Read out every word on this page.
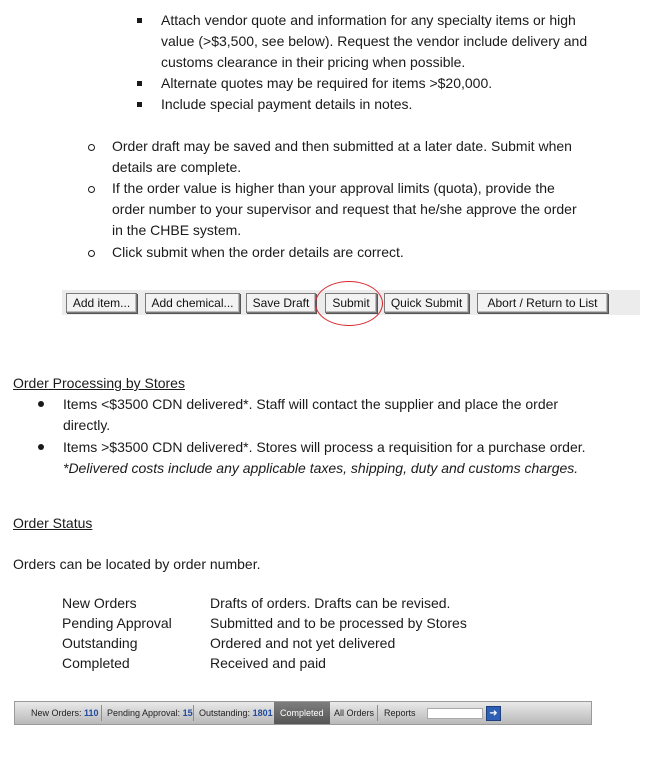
Attach vendor quote and information for any specialty items or high
value (>$3,500, see below). Request the vendor include delivery and
customs clearance in their pricing when possible.
Alternate quotes may be required for items >$20,000.
Include special payment details in notes.
Order draft may be saved and then submitted at a later date. Submit when
details are complete.
If the order value is higher than your approval limits (quota), provide the
order number to your supervisor and request that he/she approve the order
in the CHBE system.
Click submit when the order details are correct.
Add item...	Add chemical...	Save Draft	Submit	Quick Submit	Abort / Return to List
Order Processing by Stores
Items <$3500 CDN delivered*. Staff will contact the supplier and place the order
directly.
Items >$3500 CDN delivered*. Stores will process a requisition for a purchase order.
*Delivered costs include any applicable taxes, shipping, duty and customs charges.
Order Status
Orders can be located by order number.
New Orders	Drafts of orders. Drafts can be revised.
Pending Approval	Submitted and to be processed by Stores
Outstanding	Ordered and not yet delivered
Completed	Received and paid
New Orders: 110 Pending Approval: 15 Outstanding: 1801 Completed	All Orders Reports	➜
